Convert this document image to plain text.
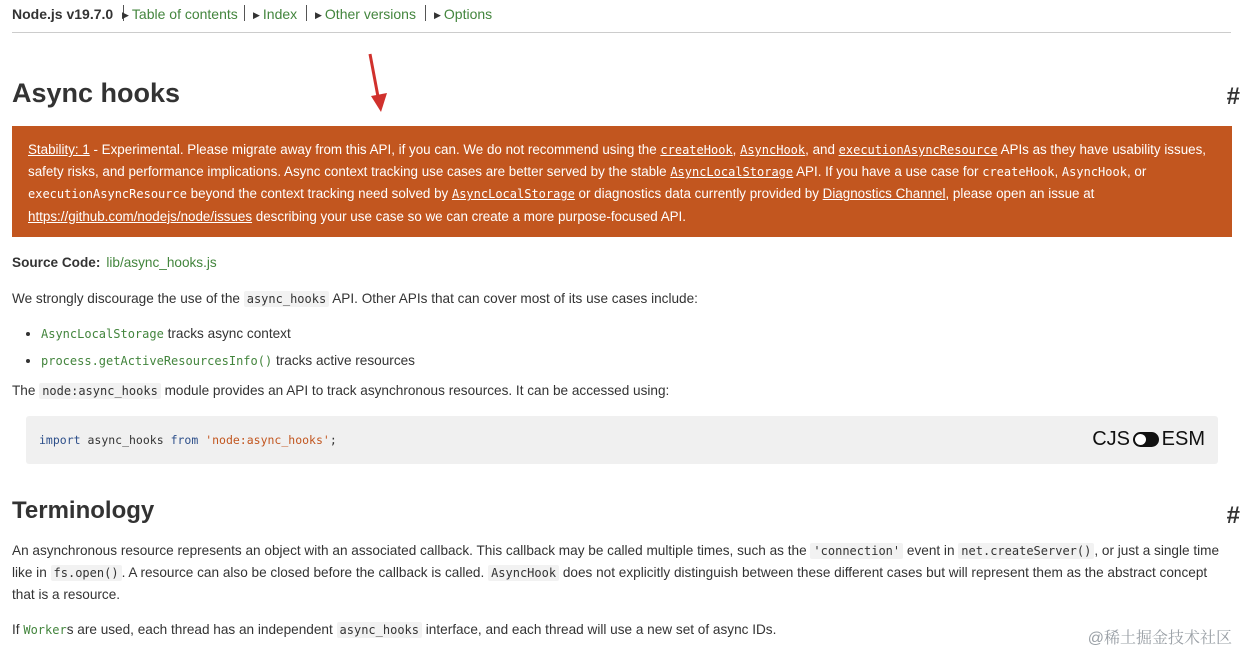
Node.js v19.7.0 ▶ Table of contents ▶ Index ▶ Other versions ▶ Options
Async hooks	#
Stability: 1 - Experimental. Please migrate away from this API, if you can. We do not recommend using the createHook, AsyncHook, and executionAsyncResource APIs as they have usability issues, safety risks, and performance implications. Async context tracking use cases are better served by the stable AsyncLocalStorage API. If you have a use case for createHook, AsyncHook, or executionAsyncResource beyond the context tracking need solved by AsyncLocalStorage or diagnostics data currently provided by Diagnostics Channel, please open an issue at https://github.com/nodejs/node/issues describing your use case so we can create a more purpose-focused API.
Source Code: lib/async_hooks.js

We strongly discourage the use of the async_hooks API. Other APIs that can cover most of its use cases include:

• AsyncLocalStorage tracks async context
• process.getActiveResourcesInfo() tracks active resources

The node:async_hooks module provides an API to track asynchronous resources. It can be accessed using:

import async_hooks from 'node:async_hooks';	CJS ESM
Terminology	#

An asynchronous resource represents an object with an associated callback. This callback may be called multiple times, such as the 'connection' event in net.createServer() , or just a single time like in fs.open() . A resource can also be closed before the callback is called. AsyncHook does not explicitly distinguish between these different cases but will represent them as the abstract concept that is a resource.

If Workers are used, each thread has an independent async_hooks interface, and each thread will use a new set of async IDs.

@稀土掘金技术社区
